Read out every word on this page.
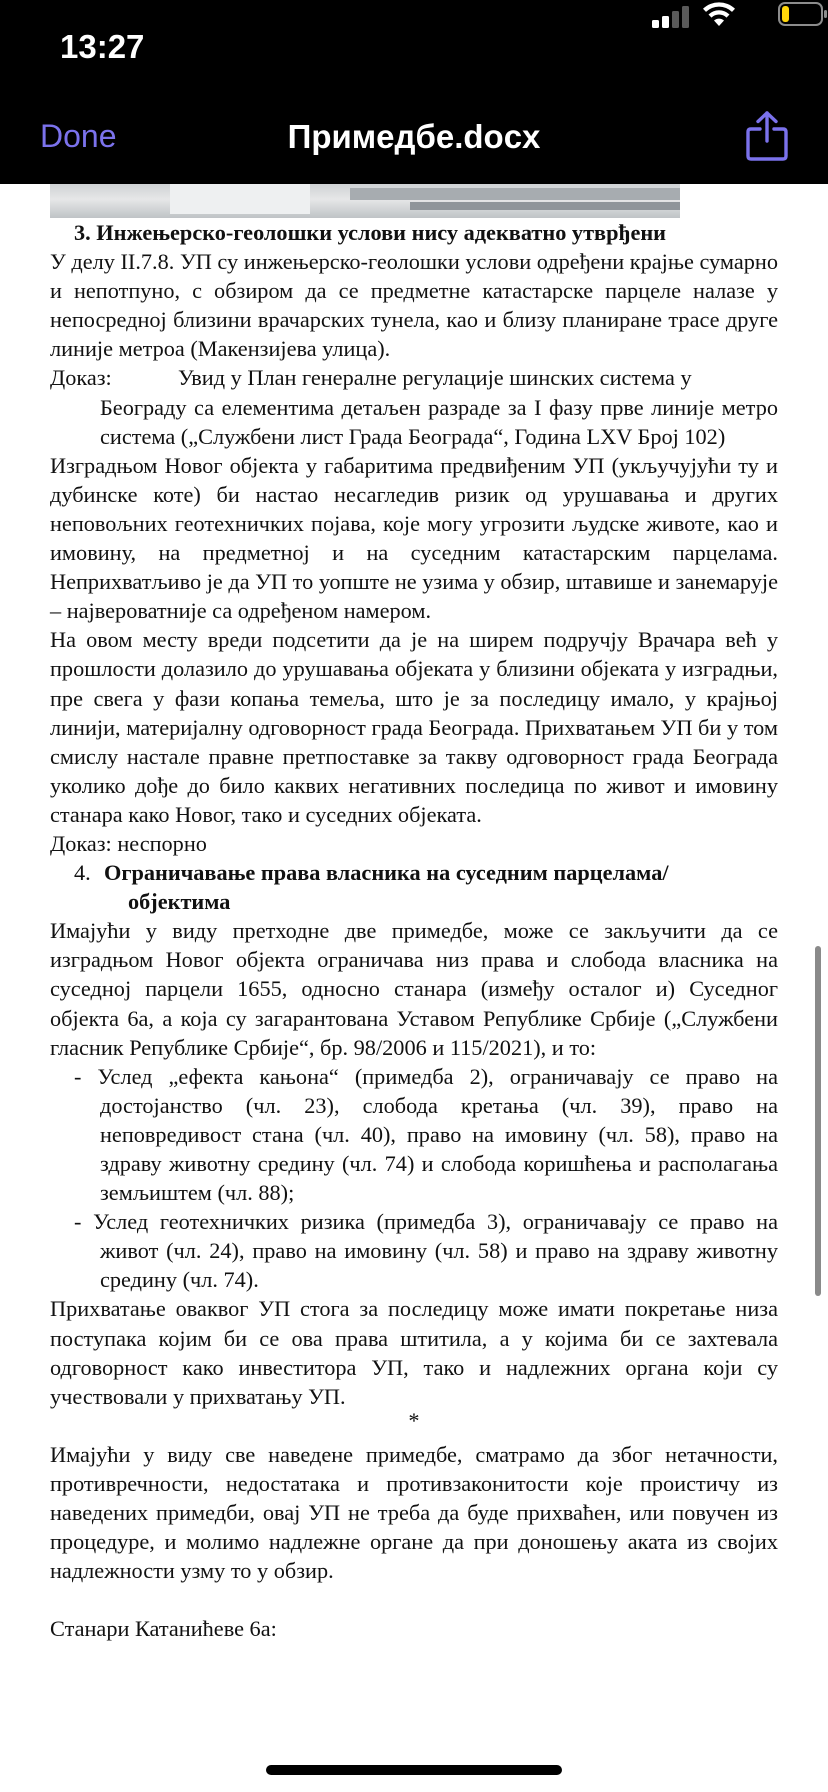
13:27
Done	Примедбе.docx

3. Инжењерско-геолошки услови нису адекватно утврђени

У делу II.7.8. УП су инжењерско-геолошки услови одређени крајње сумарно и непотпуно, с обзиром да се предметне катастарске парцеле налазе у непосредној близини врачарских тунела, као и близу планиране трасе друге линије метроа (Макензијева улица).

Доказ:	Увид у План генералне регулације шинских система у

Београду са елементима детаљен разраде за I фазу прве линије метро система („Службени лист Града Београда“, Година LXV Број 102)

Изградњом Новог објекта у габаритима предвиђеним УП (укључујући ту и дубинске коте) би настао несагледив ризик од урушавања и других неповољних геотехничких појава, које могу угрозити људске животе, као и имовину, на предметној и на суседним катастарским парцелама. Неприхватљиво је да УП то уопште не узима у обзир, штавише и занемарује – највероватније са одређеном намером.

На овом месту вреди подсетити да је на ширем подручју Врачара већ у прошлости долазило до урушавања објеката у близини објеката у изградњи, пре свега у фази копања темеља, што је за последицу имало, у крајњој линији, материјалну одговорност града Београда. Прихватањем УП би у том смислу настале правне претпоставке за такву одговорност града Београда уколико дође до било каквих негативних последица по живот и имовину станара како Новог, тако и суседних објеката.

Доказ: неспорно

4. Ограничавање права власника на суседним парцелама/
објектима

Имајући у виду претходне две примедбе, може се закључити да се изградњом Новог објекта ограничава низ права и слобода власника на суседној парцели 1655, односно станара (између осталог и) Суседног објекта 6а, а која су загарантована Уставом Републике Србије („Службени гласник Републике Србије“, бр. 98/2006 и 115/2021), и то:

- Услед „ефекта кањона“ (примедба 2), ограничавају се право на достојанство (чл. 23), слобода кретања (чл. 39), право на неповредивост стана (чл. 40), право на имовину (чл. 58), право на здраву животну средину (чл. 74) и слобода коришћења и располагања земљиштем (чл. 88);

- Услед геотехничких ризика (примедба 3), ограничавају се право на живот (чл. 24), право на имовину (чл. 58) и право на здраву животну средину (чл. 74).

Прихватање оваквог УП стога за последицу може имати покретање низа поступака којим би се ова права штитила, а у којима би се захтевала одговорност како инвеститора УП, тако и надлежних органа који су учествовали у прихватању УП.

*

Имајући у виду све наведене примедбе, сматрамо да због нетачности, противречности, недостатака и противзаконитости које проистичу из наведених примедби, овај УП не треба да буде прихваћен, или повучен из процедуре, и молимо надлежне органе да при доношењу аката из својих надлежности узму то у обзир.

Станари Катанићеве 6а:
